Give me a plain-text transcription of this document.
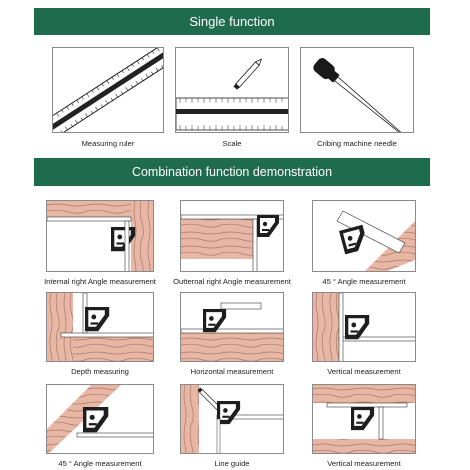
Single function
Measuring ruler	Scale	Cribing machine needle
Combination function demonstration
Internal right Angle measurement	Outternal right Angle measurement	45 ° Angle measurement
Depth measuring	Horizontal measurement	Vertical measurement
45 ° Angle measurement	Line guide	Vertical measurement
